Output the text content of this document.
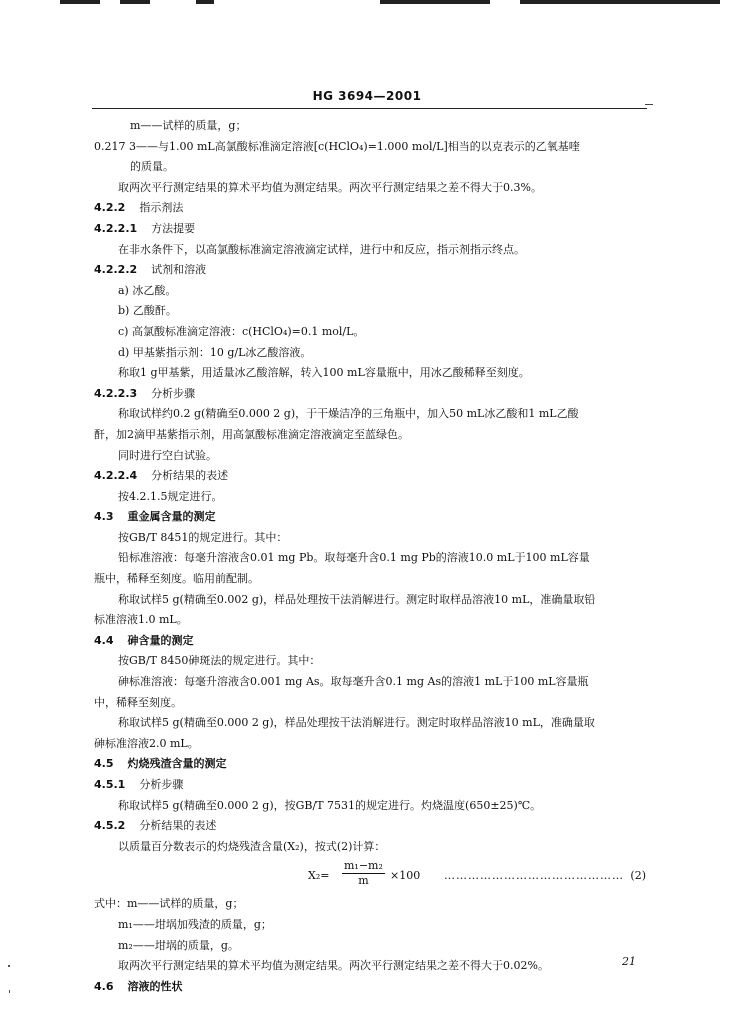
HG 3694—2001
m——试样的质量，g；
0.217 3——与1.00 mL高氯酸标准滴定溶液[c(HClO₄)=1.000 mol/L]相当的以克表示的乙氧基喹
的质量。
取两次平行测定结果的算术平均值为测定结果。两次平行测定结果之差不得大于0.3%。
4.2.2 指示剂法
4.2.2.1 方法提要
在非水条件下，以高氯酸标准滴定溶液滴定试样，进行中和反应，指示剂指示终点。
4.2.2.2 试剂和溶液
a) 冰乙酸。
b) 乙酸酐。
c) 高氯酸标准滴定溶液：c(HClO₄)=0.1 mol/L。
d) 甲基紫指示剂：10 g/L冰乙酸溶液。
称取1 g甲基紫，用适量冰乙酸溶解，转入100 mL容量瓶中，用冰乙酸稀释至刻度。
4.2.2.3 分析步骤
称取试样约0.2 g(精确至0.000 2 g)，于干燥洁净的三角瓶中，加入50 mL冰乙酸和1 mL乙酸
酐，加2滴甲基紫指示剂，用高氯酸标准滴定溶液滴定至蓝绿色。
同时进行空白试验。
4.2.2.4 分析结果的表述
按4.2.1.5规定进行。
4.3 重金属含量的测定
按GB/T 8451的规定进行。其中：
铅标准溶液：每毫升溶液含0.01 mg Pb。取每毫升含0.1 mg Pb的溶液10.0 mL于100 mL容量
瓶中，稀释至刻度。临用前配制。
称取试样5 g(精确至0.002 g)，样品处理按干法消解进行。测定时取样品溶液10 mL，准确量取铅
标准溶液1.0 mL。
4.4 砷含量的测定
按GB/T 8450砷斑法的规定进行。其中：
砷标准溶液：每毫升溶液含0.001 mg As。取每毫升含0.1 mg As的溶液1 mL于100 mL容量瓶
中，稀释至刻度。
称取试样5 g(精确至0.000 2 g)，样品处理按干法消解进行。测定时取样品溶液10 mL，准确量取
砷标准溶液2.0 mL。
4.5 灼烧残渣含量的测定
4.5.1 分析步骤
称取试样5 g(精确至0.000 2 g)，按GB/T 7531的规定进行。灼烧温度(650±25)℃。
4.5.2 分析结果的表述
以质量百分数表示的灼烧残渣含量(X₂)，按式(2)计算：
X₂=	×100 ……………………………………… (2)
$\frac{\text{m₁−m₂}}{m}$
式中：m——试样的质量，g；
m₁——坩埚加残渣的质量，g；
m₂——坩埚的质量，g。
取两次平行测定结果的算术平均值为测定结果。两次平行测定结果之差不得大于0.02%。
4.6 溶液的性状
21
